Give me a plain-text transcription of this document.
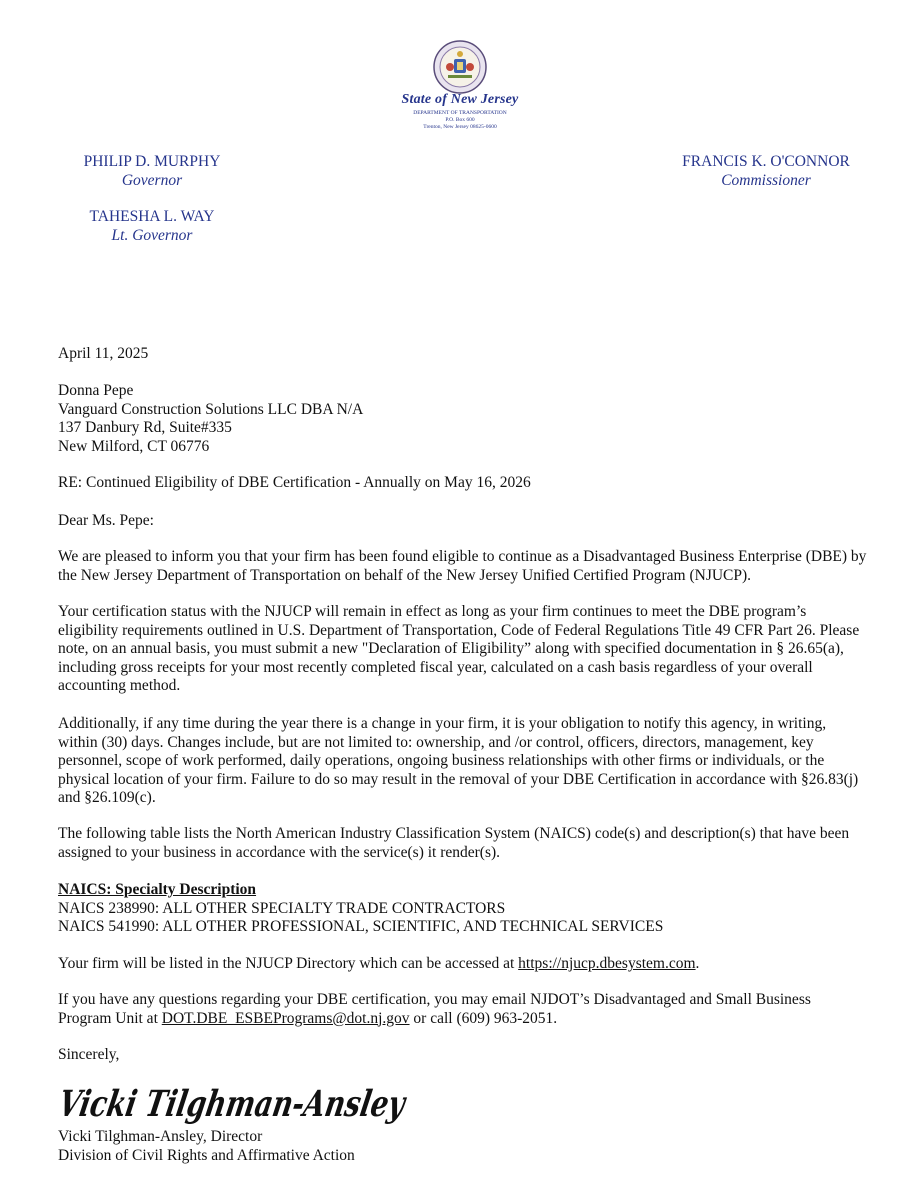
State of New Jersey
DEPARTMENT OF TRANSPORTATION
P.O. Box 600
Trenton, New Jersey 08625-0600
PHILIP D. MURPHY
Governor
TAHESHA L. WAY
Lt. Governor
FRANCIS K. O'CONNOR
Commissioner
April 11, 2025
Donna Pepe
Vanguard Construction Solutions LLC DBA N/A
137 Danbury Rd, Suite#335
New Milford, CT 06776
RE: Continued Eligibility of DBE Certification - Annually on May 16, 2026
Dear Ms. Pepe:

We are pleased to inform you that your firm has been found eligible to continue as a Disadvantaged Business Enterprise (DBE) by the New Jersey Department of Transportation on behalf of the New Jersey Unified Certified Program (NJUCP).

Your certification status with the NJUCP will remain in effect as long as your firm continues to meet the DBE program’s eligibility requirements outlined in U.S. Department of Transportation, Code of Federal Regulations Title 49 CFR Part 26. Please note, on an annual basis, you must submit a new "Declaration of Eligibility” along with specified documentation in § 26.65(a), including gross receipts for your most recently completed fiscal year, calculated on a cash basis regardless of your overall accounting method.

Additionally, if any time during the year there is a change in your firm, it is your obligation to notify this agency, in writing, within (30) days. Changes include, but are not limited to: ownership, and /or control, officers, directors, management, key personnel, scope of work performed, daily operations, ongoing business relationships with other firms or individuals, or the physical location of your firm. Failure to do so may result in the removal of your DBE Certification in accordance with §26.83(j) and §26.109(c).

The following table lists the North American Industry Classification System (NAICS) code(s) and description(s) that have been assigned to your business in accordance with the service(s) it render(s).

NAICS: Specialty Description
NAICS 238990: ALL OTHER SPECIALTY TRADE CONTRACTORS
NAICS 541990: ALL OTHER PROFESSIONAL, SCIENTIFIC, AND TECHNICAL SERVICES

Your firm will be listed in the NJUCP Directory which can be accessed at https://njucp.dbesystem.com.

If you have any questions regarding your DBE certification, you may email NJDOT’s Disadvantaged and Small Business Program Unit at DOT.DBE_ESBEPrograms@dot.nj.gov or call (609) 963-2051.

Sincerely,
Vicki Tilghman-Ansley
Vicki Tilghman-Ansley, Director
Division of Civil Rights and Affirmative Action
